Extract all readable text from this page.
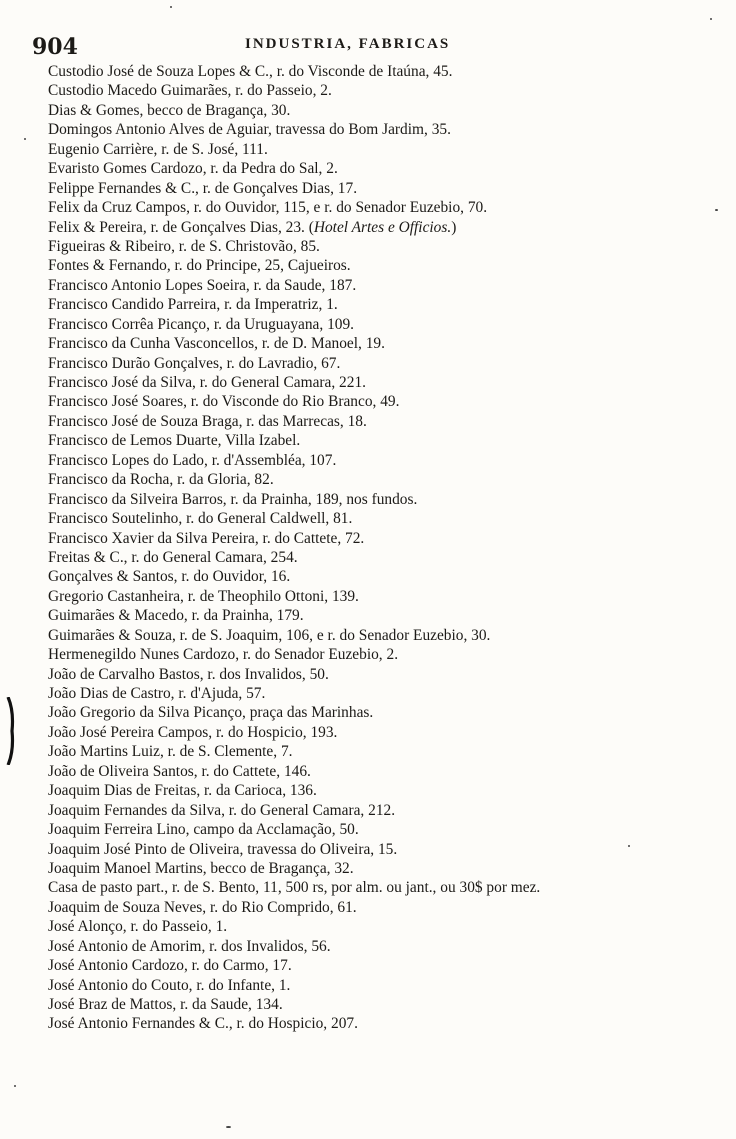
904	INDUSTRIA, FABRICAS
Custodio José de Souza Lopes & C., r. do Visconde de Itaúna, 45.
Custodio Macedo Guimarães, r. do Passeio, 2.
Dias & Gomes, becco de Bragança, 30.
Domingos Antonio Alves de Aguiar, travessa do Bom Jardim, 35.
Eugenio Carrière, r. de S. José, 111.
Evaristo Gomes Cardozo, r. da Pedra do Sal, 2.
Felippe Fernandes & C., r. de Gonçalves Dias, 17.
Felix da Cruz Campos, r. do Ouvidor, 115, e r. do Senador Euzebio, 70.
Felix & Pereira, r. de Gonçalves Dias, 23. (Hotel Artes e Officios.)
Figueiras & Ribeiro, r. de S. Christovão, 85.
Fontes & Fernando, r. do Principe, 25, Cajueiros.
Francisco Antonio Lopes Soeira, r. da Saude, 187.
Francisco Candido Parreira, r. da Imperatriz, 1.
Francisco Corrêa Picanço, r. da Uruguayana, 109.
Francisco da Cunha Vasconcellos, r. de D. Manoel, 19.
Francisco Durão Gonçalves, r. do Lavradio, 67.
Francisco José da Silva, r. do General Camara, 221.
Francisco José Soares, r. do Visconde do Rio Branco, 49.
Francisco José de Souza Braga, r. das Marrecas, 18.
Francisco de Lemos Duarte, Villa Izabel.
Francisco Lopes do Lado, r. d'Assembléa, 107.
Francisco da Rocha, r. da Gloria, 82.
Francisco da Silveira Barros, r. da Prainha, 189, nos fundos.
Francisco Soutelinho, r. do General Caldwell, 81.
Francisco Xavier da Silva Pereira, r. do Cattete, 72.
Freitas & C., r. do General Camara, 254.
Gonçalves & Santos, r. do Ouvidor, 16.
Gregorio Castanheira, r. de Theophilo Ottoni, 139.
Guimarães & Macedo, r. da Prainha, 179.
Guimarães & Souza, r. de S. Joaquim, 106, e r. do Senador Euzebio, 30.
Hermenegildo Nunes Cardozo, r. do Senador Euzebio, 2.
João de Carvalho Bastos, r. dos Invalidos, 50.
João Dias de Castro, r. d'Ajuda, 57.
João Gregorio da Silva Picanço, praça das Marinhas.
João José Pereira Campos, r. do Hospicio, 193.
João Martins Luiz, r. de S. Clemente, 7.
João de Oliveira Santos, r. do Cattete, 146.
Joaquim Dias de Freitas, r. da Carioca, 136.
Joaquim Fernandes da Silva, r. do General Camara, 212.
Joaquim Ferreira Lino, campo da Acclamação, 50.
Joaquim José Pinto de Oliveira, travessa do Oliveira, 15.
Joaquim Manoel Martins, becco de Bragança, 32.
Casa de pasto part., r. de S. Bento, 11, 500 rs, por alm. ou jant., ou 30$ por mez.
Joaquim de Souza Neves, r. do Rio Comprido, 61.
José Alonço, r. do Passeio, 1.
José Antonio de Amorim, r. dos Invalidos, 56.
José Antonio Cardozo, r. do Carmo, 17.
José Antonio do Couto, r. do Infante, 1.
José Braz de Mattos, r. da Saude, 134.
José Antonio Fernandes & C., r. do Hospicio, 207.
